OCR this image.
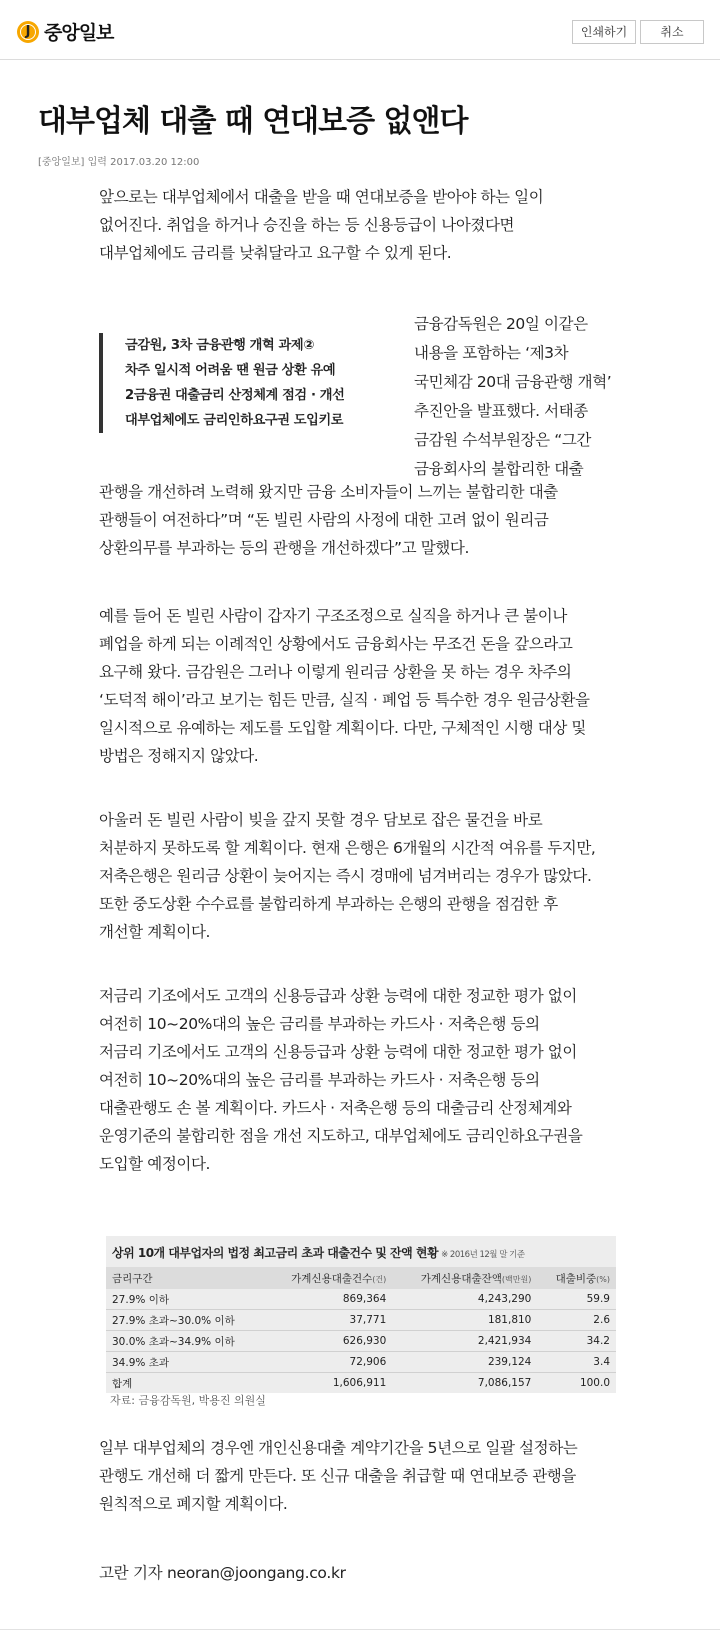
J 중앙일보	인쇄하기	취소
대부업체 대출 때 연대보증 없앤다
[중앙일보] 입력 2017.03.20 12:00

앞으로는 대부업체에서 대출을 받을 때 연대보증을 받아야 하는 일이

없어진다. 취업을 하거나 승진을 하는 등 신용등급이 나아졌다면

대부업체에도 금리를 낮춰달라고 요구할 수 있게 된다.

금감원, 3차 금융관행 개혁 과제②
차주 일시적 어려움 땐 원금 상환 유예
2금융권 대출금리 산정체계 점검 · 개선
대부업체에도 금리인하요구권 도입키로

금융감독원은 20일 이같은

내용을 포함하는 ‘제3차

국민체감 20대 금융관행 개혁’

추진안을 발표했다. 서태종

금감원 수석부원장은 “그간

금융회사의 불합리한 대출

관행을 개선하려 노력해 왔지만 금융 소비자들이 느끼는 불합리한 대출

관행들이 여전하다”며 “돈 빌린 사람의 사정에 대한 고려 없이 원리금

상환의무를 부과하는 등의 관행을 개선하겠다”고 말했다.

예를 들어 돈 빌린 사람이 갑자기 구조조정으로 실직을 하거나 큰 불이나

폐업을 하게 되는 이례적인 상황에서도 금융회사는 무조건 돈을 갚으라고

요구해 왔다. 금감원은 그러나 이렇게 원리금 상환을 못 하는 경우 차주의

‘도덕적 해이’라고 보기는 힘든 만큼, 실직 · 폐업 등 특수한 경우 원금상환을

일시적으로 유예하는 제도를 도입할 계획이다. 다만, 구체적인 시행 대상 및

방법은 정해지지 않았다.

아울러 돈 빌린 사람이 빚을 갚지 못할 경우 담보로 잡은 물건을 바로

처분하지 못하도록 할 계획이다. 현재 은행은 6개월의 시간적 여유를 두지만,

저축은행은 원리금 상환이 늦어지는 즉시 경매에 넘겨버리는 경우가 많았다.

또한 중도상환 수수료를 불합리하게 부과하는 은행의 관행을 점검한 후

개선할 계획이다.

저금리 기조에서도 고객의 신용등급과 상환 능력에 대한 정교한 평가 없이

여전히 10~20%대의 높은 금리를 부과하는 카드사 · 저축은행 등의

저금리 기조에서도 고객의 신용등급과 상환 능력에 대한 정교한 평가 없이

여전히 10~20%대의 높은 금리를 부과하는 카드사 · 저축은행 등의

대출관행도 손 볼 계획이다. 카드사 · 저축은행 등의 대출금리 산정체계와

운영기준의 불합리한 점을 개선 지도하고, 대부업체에도 금리인하요구권을

도입할 예정이다.

상위 10개 대부업자의 법정 최고금리 초과 대출건수 및 잔액 현황 ※ 2016년 12월 말 기준
금리구간	가계신용대출건수(건)	가계신용대출잔액(백만원)	대출비중(%)
27.9% 이하	869,364	4,243,290	59.9
27.9% 초과~30.0% 이하	37,771	181,810	2.6
30.0% 초과~34.9% 이하	626,930	2,421,934	34.2
34.9% 초과	72,906	239,124	3.4
합계	1,606,911	7,086,157	100.0
자료: 금융감독원, 박용진 의원실

일부 대부업체의 경우엔 개인신용대출 계약기간을 5년으로 일괄 설정하는

관행도 개선해 더 짧게 만든다. 또 신규 대출을 취급할 때 연대보증 관행을

원칙적으로 폐지할 계획이다.

고란 기자 neoran@joongang.co.kr
